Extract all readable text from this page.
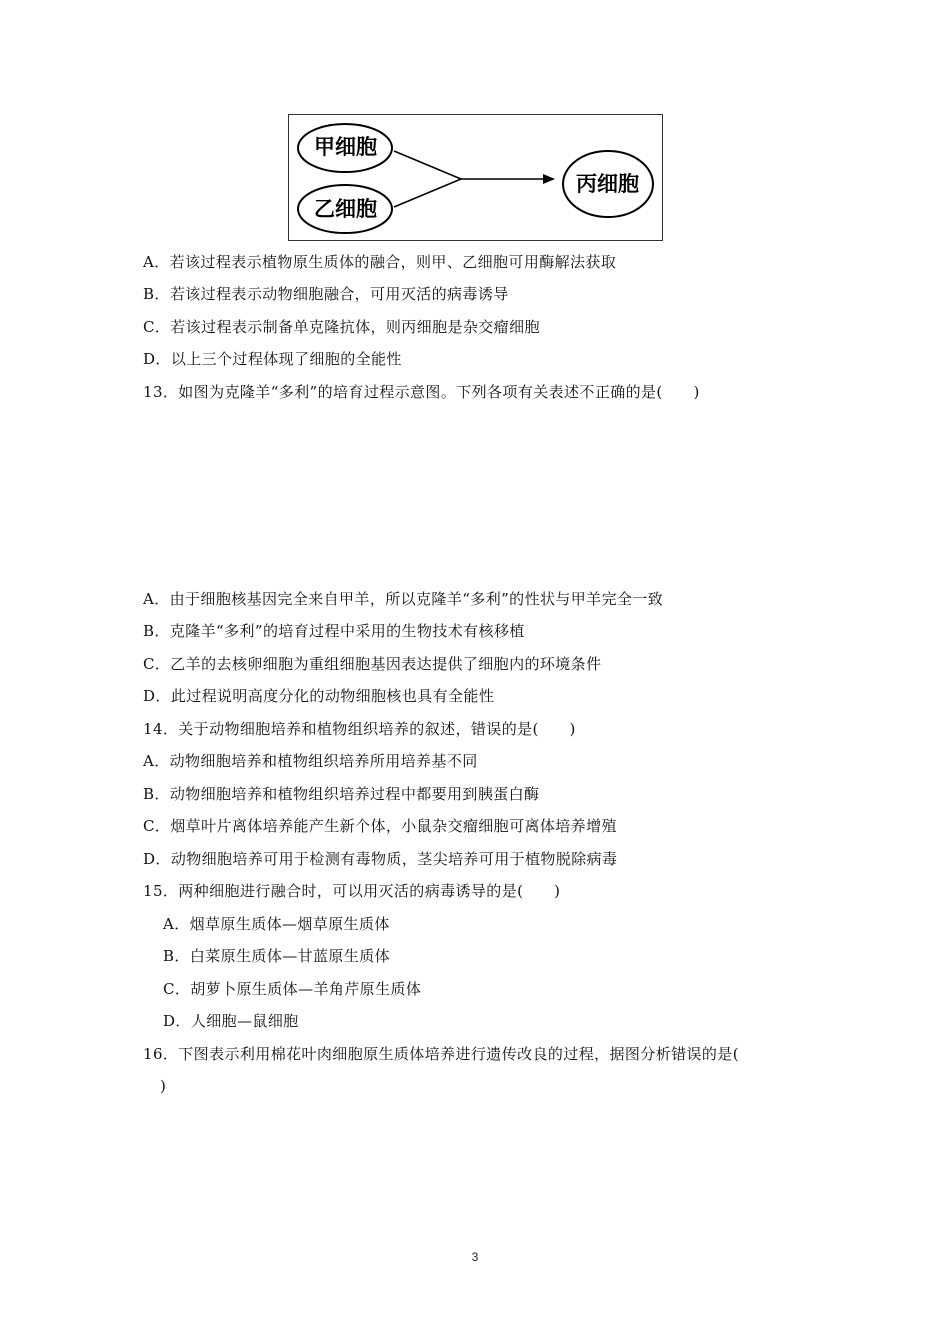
甲细胞
乙细胞
丙细胞
A．若该过程表示植物原生质体的融合，则甲、乙细胞可用酶解法获取
B．若该过程表示动物细胞融合，可用灭活的病毒诱导
C．若该过程表示制备单克隆抗体，则丙细胞是杂交瘤细胞
D．以上三个过程体现了细胞的全能性
13．如图为克隆羊“多利”的培育过程示意图。下列各项有关表述不正确的是(　　)
A．由于细胞核基因完全来自甲羊，所以克隆羊“多利”的性状与甲羊完全一致
B．克隆羊“多利”的培育过程中采用的生物技术有核移植
C．乙羊的去核卵细胞为重组细胞基因表达提供了细胞内的环境条件
D．此过程说明高度分化的动物细胞核也具有全能性
14．关于动物细胞培养和植物组织培养的叙述，错误的是(　　)
A．动物细胞培养和植物组织培养所用培养基不同
B．动物细胞培养和植物组织培养过程中都要用到胰蛋白酶
C．烟草叶片离体培养能产生新个体，小鼠杂交瘤细胞可离体培养增殖
D．动物细胞培养可用于检测有毒物质，茎尖培养可用于植物脱除病毒
15．两种细胞进行融合时，可以用灭活的病毒诱导的是(　　)
A．烟草原生质体—烟草原生质体
B．白菜原生质体—甘蓝原生质体
C．胡萝卜原生质体—羊角芹原生质体
D．人细胞—鼠细胞
16．下图表示利用棉花叶肉细胞原生质体培养进行遗传改良的过程，据图分析错误的是(
)
3
